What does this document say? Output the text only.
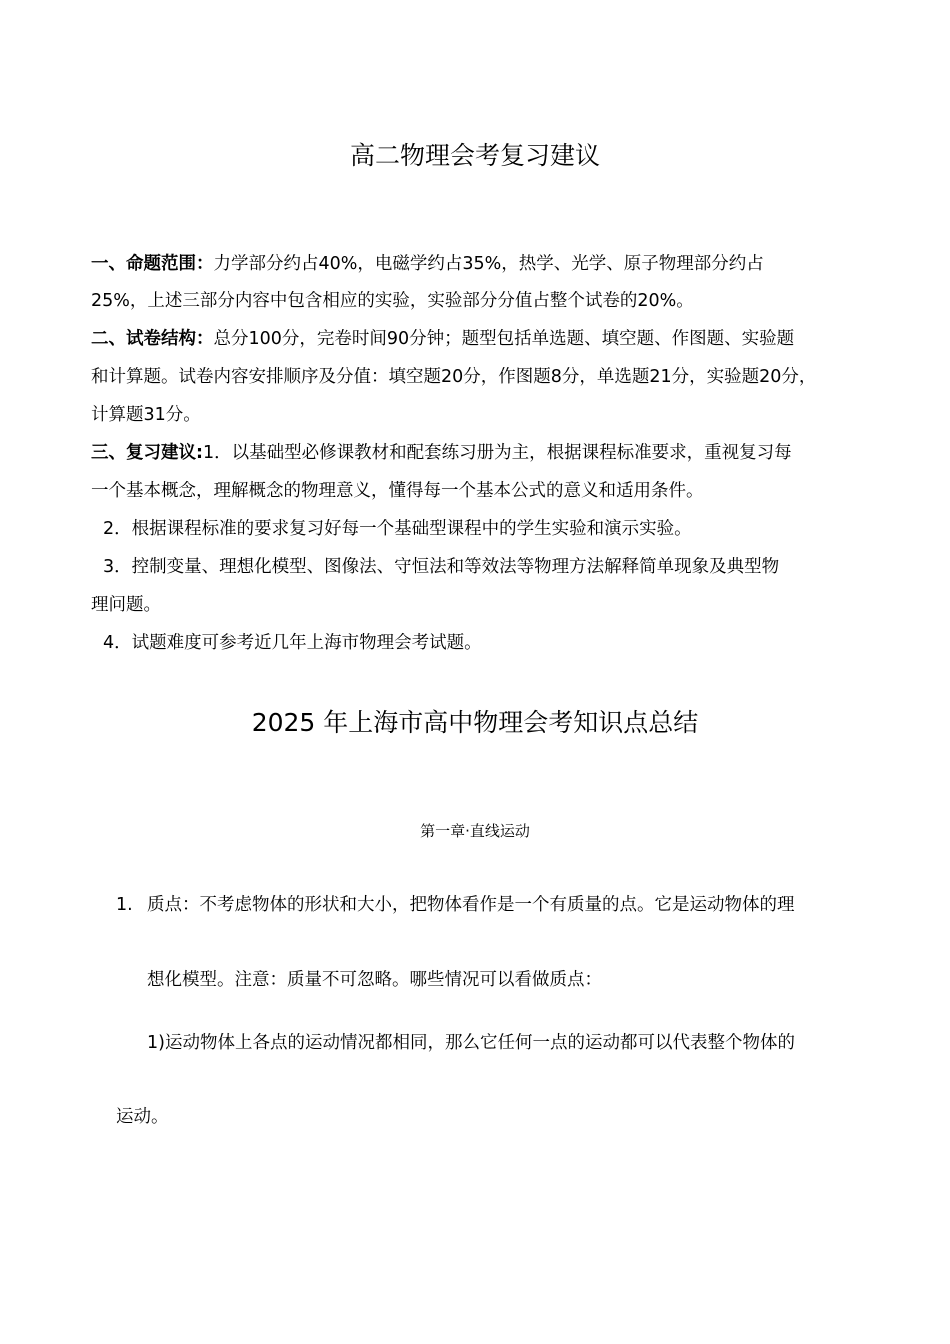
高二物理会考复习建议

一、命题范围：力学部分约占40%，电磁学约占35%，热学、光学、原子物理部分约占

25%，上述三部分内容中包含相应的实验，实验部分分值占整个试卷的20%。

二、试卷结构：总分100分，完卷时间90分钟；题型包括单选题、填空题、作图题、实验题

和计算题。试卷内容安排顺序及分值：填空题20分，作图题8分，单选题21分，实验题20分，

计算题31分。

三、复习建议:1．以基础型必修课教材和配套练习册为主，根据课程标准要求，重视复习每

一个基本概念，理解概念的物理意义，懂得每一个基本公式的意义和适用条件。

2．根据课程标准的要求复习好每一个基础型课程中的学生实验和演示实验。

3．控制变量、理想化模型、图像法、守恒法和等效法等物理方法解释简单现象及典型物

理问题。

4．试题难度可参考近几年上海市物理会考试题。

2025 年上海市高中物理会考知识点总结

第一章·直线运动

1. 质点：不考虑物体的形状和大小，把物体看作是一个有质量的点。它是运动物体的理

想化模型。注意：质量不可忽略。哪些情况可以看做质点：

1)运动物体上各点的运动情况都相同，那么它任何一点的运动都可以代表整个物体的

运动。
